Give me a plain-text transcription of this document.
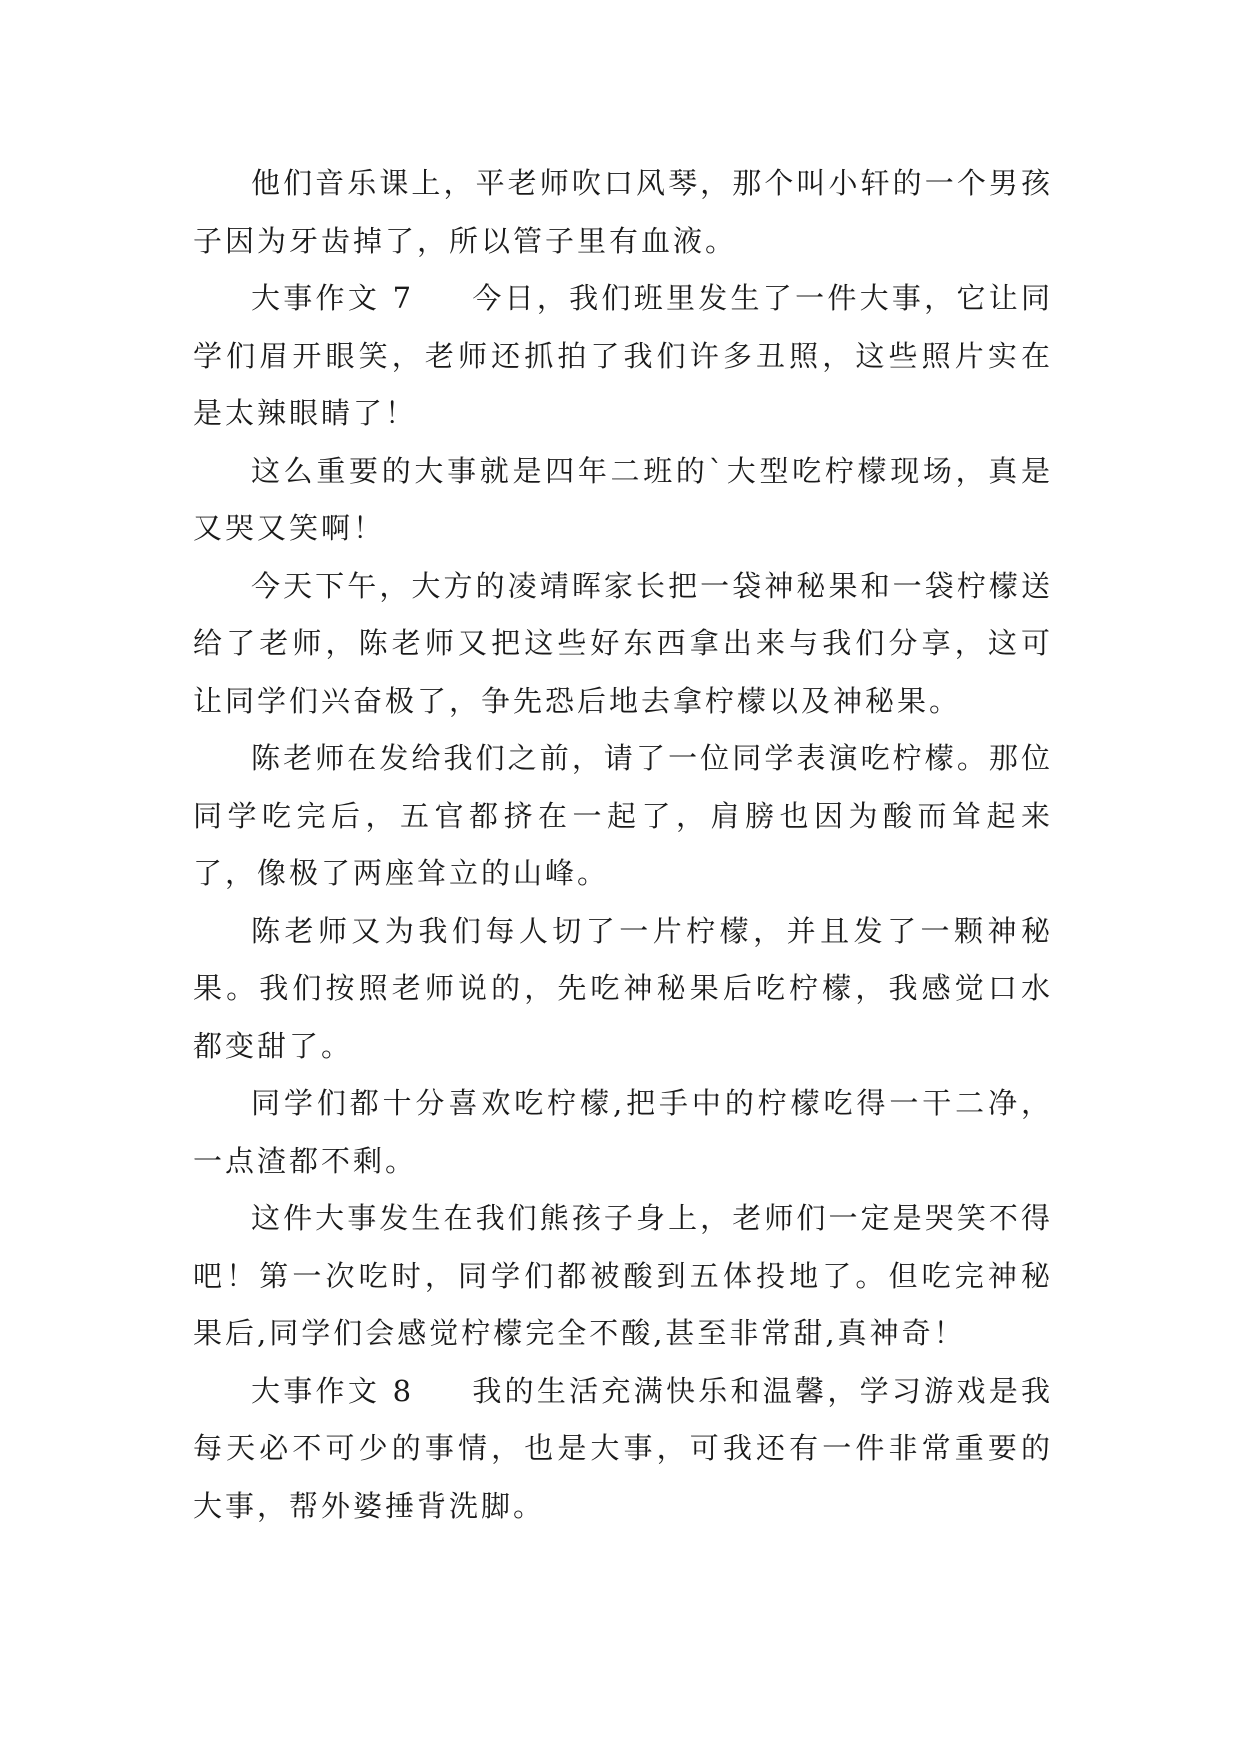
他们音乐课上，平老师吹口风琴，那个叫小轩的一个男孩子因为牙齿掉了，所以管子里有血液。

大事作文 7 今日，我们班里发生了一件大事，它让同学们眉开眼笑，老师还抓拍了我们许多丑照，这些照片实在是太辣眼睛了！

这么重要的大事就是四年二班的`大型吃柠檬现场，真是又哭又笑啊！

今天下午，大方的凌靖晖家长把一袋神秘果和一袋柠檬送给了老师，陈老师又把这些好东西拿出来与我们分享，这可让同学们兴奋极了，争先恐后地去拿柠檬以及神秘果。

陈老师在发给我们之前，请了一位同学表演吃柠檬。那位同学吃完后，五官都挤在一起了，肩膀也因为酸而耸起来了，像极了两座耸立的山峰。

陈老师又为我们每人切了一片柠檬，并且发了一颗神秘果。我们按照老师说的，先吃神秘果后吃柠檬，我感觉口水都变甜了。

同学们都十分喜欢吃柠檬,把手中的柠檬吃得一干二净，一点渣都不剩。

这件大事发生在我们熊孩子身上，老师们一定是哭笑不得吧！第一次吃时，同学们都被酸到五体投地了。但吃完神秘果后,同学们会感觉柠檬完全不酸,甚至非常甜,真神奇！

大事作文 8 我的生活充满快乐和温馨，学习游戏是我每天必不可少的事情，也是大事，可我还有一件非常重要的大事，帮外婆捶背洗脚。
